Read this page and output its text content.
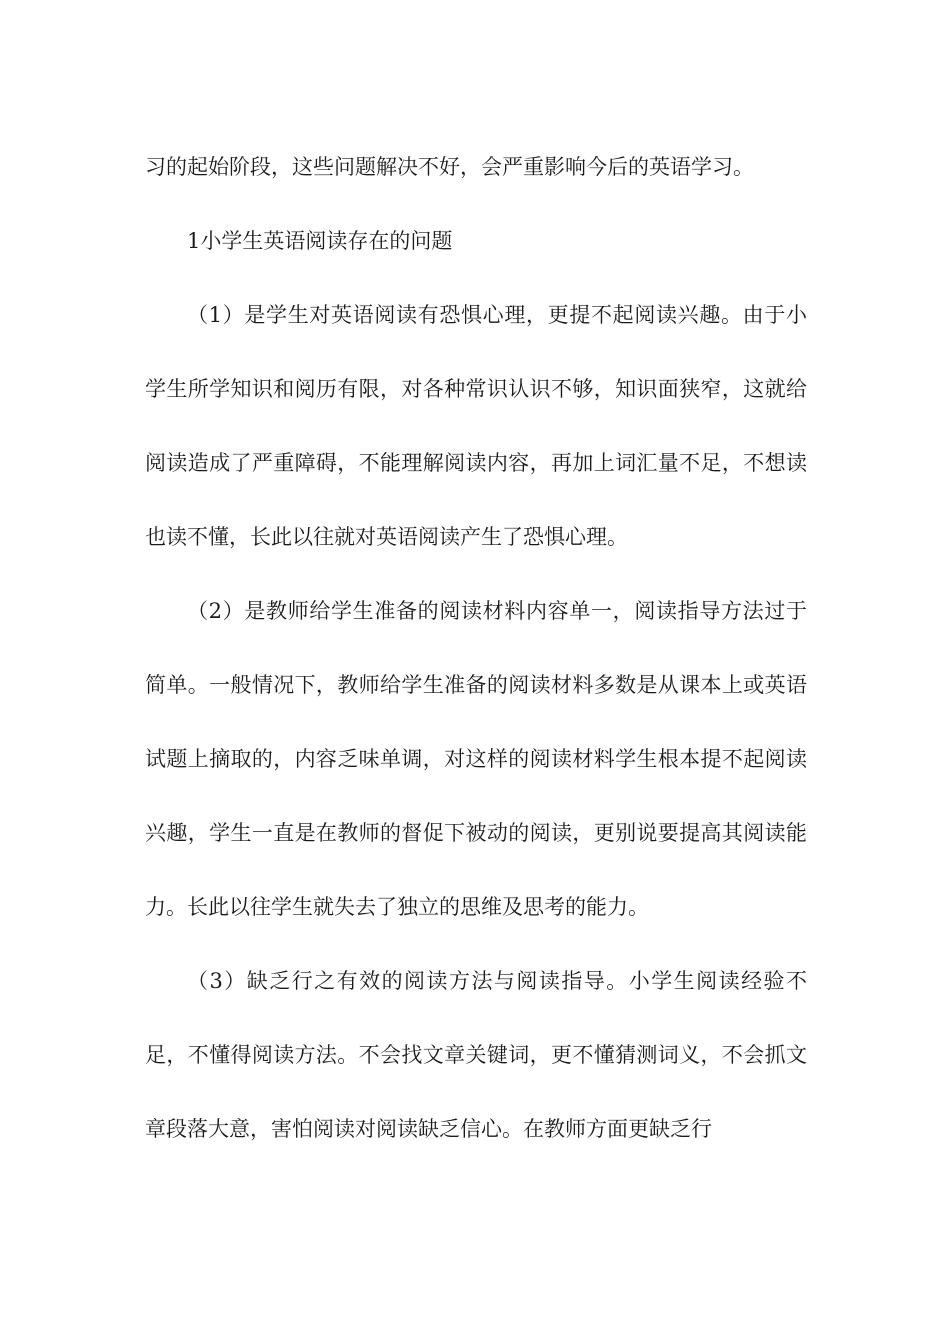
习的起始阶段，这些问题解决不好，会严重影响今后的英语学习。

1小学生英语阅读存在的问题

（1）是学生对英语阅读有恐惧心理，更提不起阅读兴趣。由于小学生所学知识和阅历有限，对各种常识认识不够，知识面狭窄，这就给阅读造成了严重障碍，不能理解阅读内容，再加上词汇量不足，不想读也读不懂，长此以往就对英语阅读产生了恐惧心理。

（2）是教师给学生准备的阅读材料内容单一，阅读指导方法过于简单。一般情况下，教师给学生准备的阅读材料多数是从课本上或英语试题上摘取的，内容乏味单调，对这样的阅读材料学生根本提不起阅读兴趣，学生一直是在教师的督促下被动的阅读，更别说要提高其阅读能力。长此以往学生就失去了独立的思维及思考的能力。

（3）缺乏行之有效的阅读方法与阅读指导。小学生阅读经验不足，不懂得阅读方法。不会找文章关键词，更不懂猜测词义，不会抓文章段落大意，害怕阅读对阅读缺乏信心。在教师方面更缺乏行
